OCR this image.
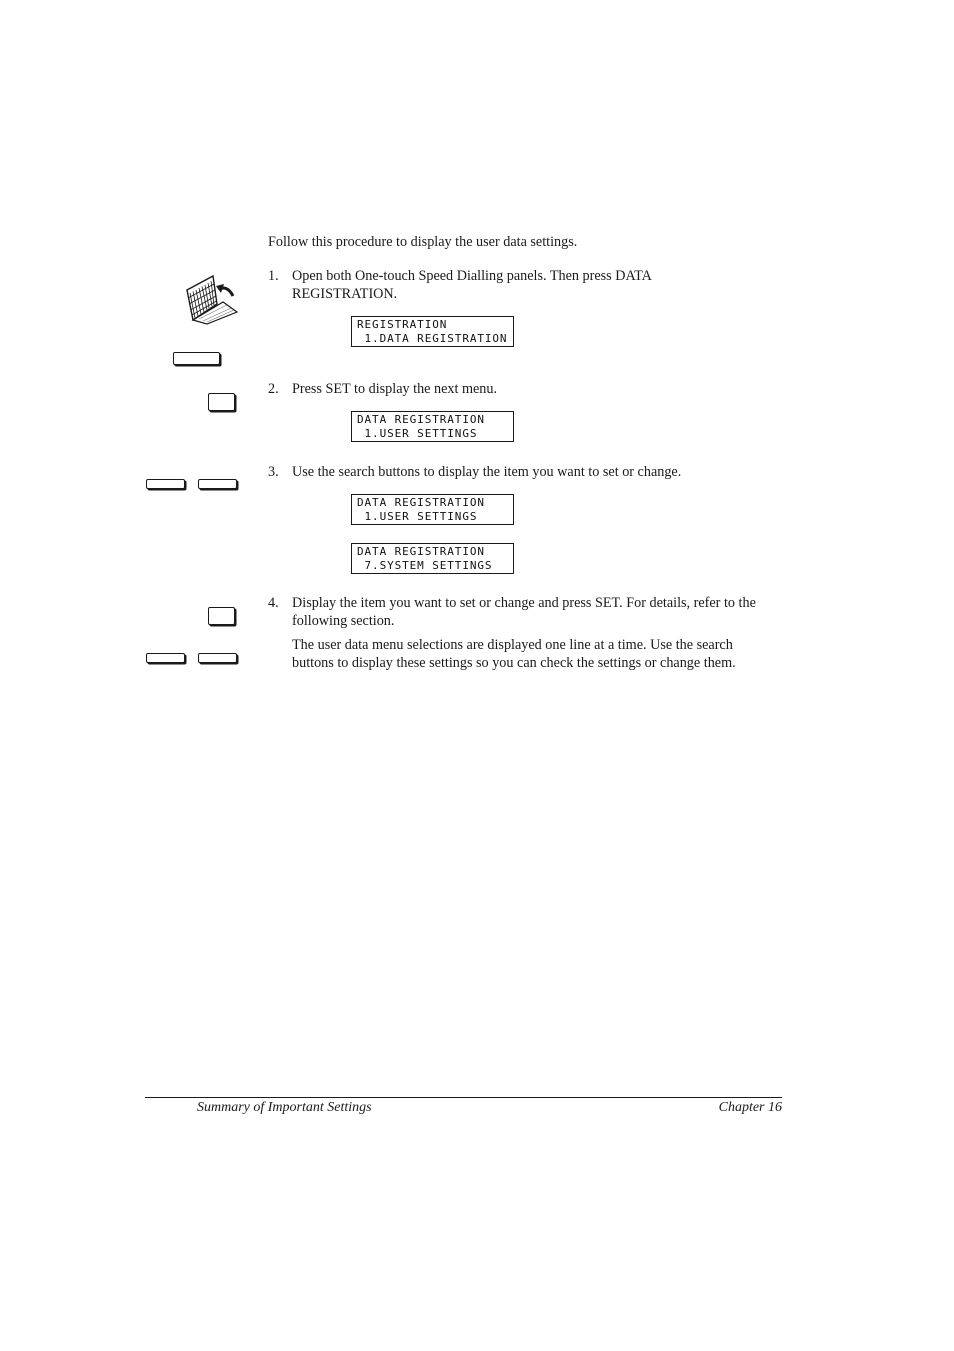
Follow this procedure to display the user data settings.
1. Open both One-touch Speed Dialling panels. Then press DATA REGISTRATION.
REGISTRATION
1.DATA REGISTRATION
2. Press SET to display the next menu.
DATA REGISTRATION
1.USER SETTINGS
3. Use the search buttons to display the item you want to set or change.
DATA REGISTRATION
1.USER SETTINGS
DATA REGISTRATION
7.SYSTEM SETTINGS
4. Display the item you want to set or change and press SET. For details, refer to the following section.
The user data menu selections are displayed one line at a time. Use the search buttons to display these settings so you can check the settings or change them.
Summary of Important Settings	Chapter 16
